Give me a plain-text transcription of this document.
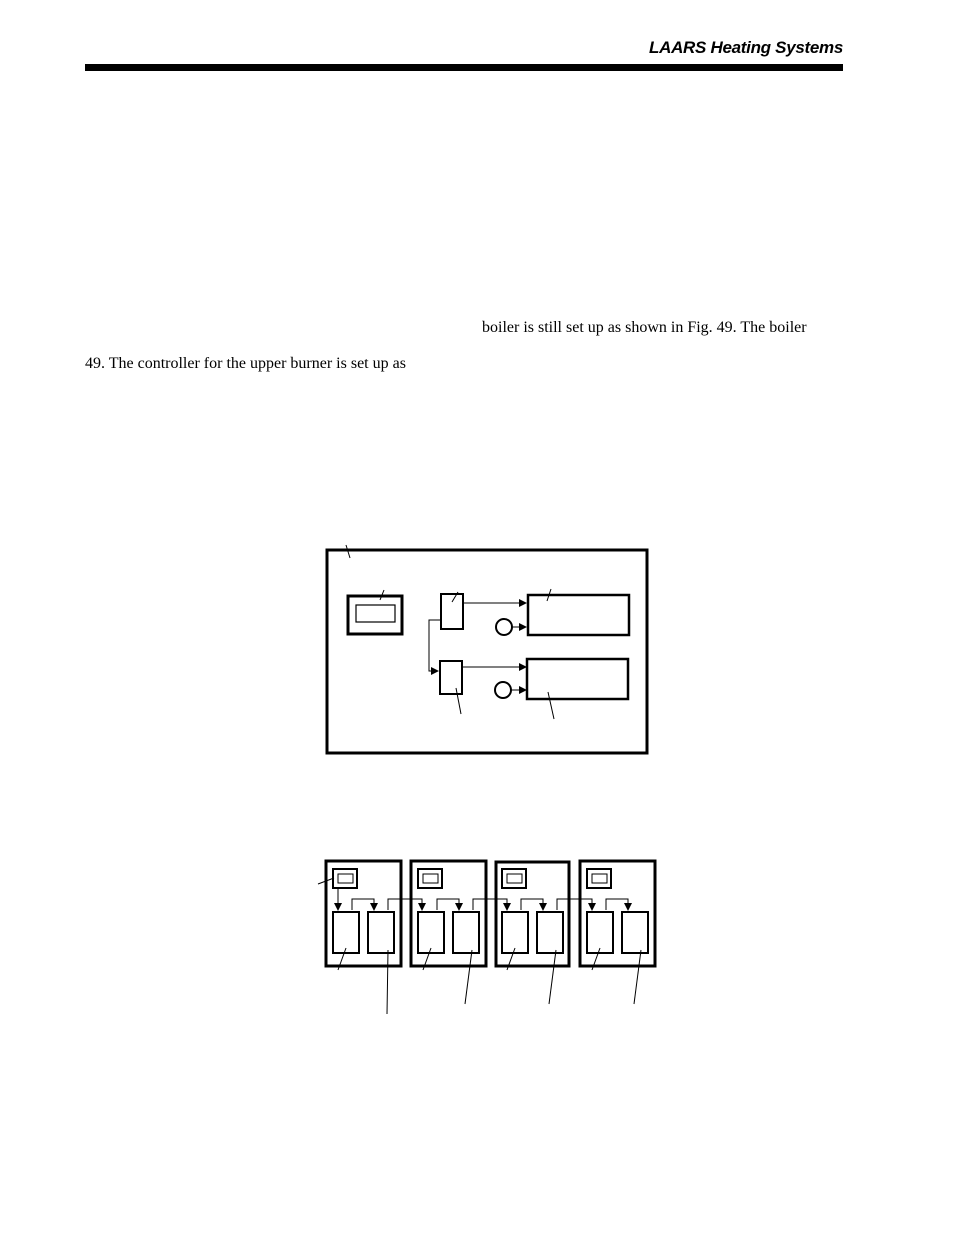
LAARS Heating Systems
boiler is still set up as shown in Fig. 49. The boiler
49. The controller for the upper burner is set up as
